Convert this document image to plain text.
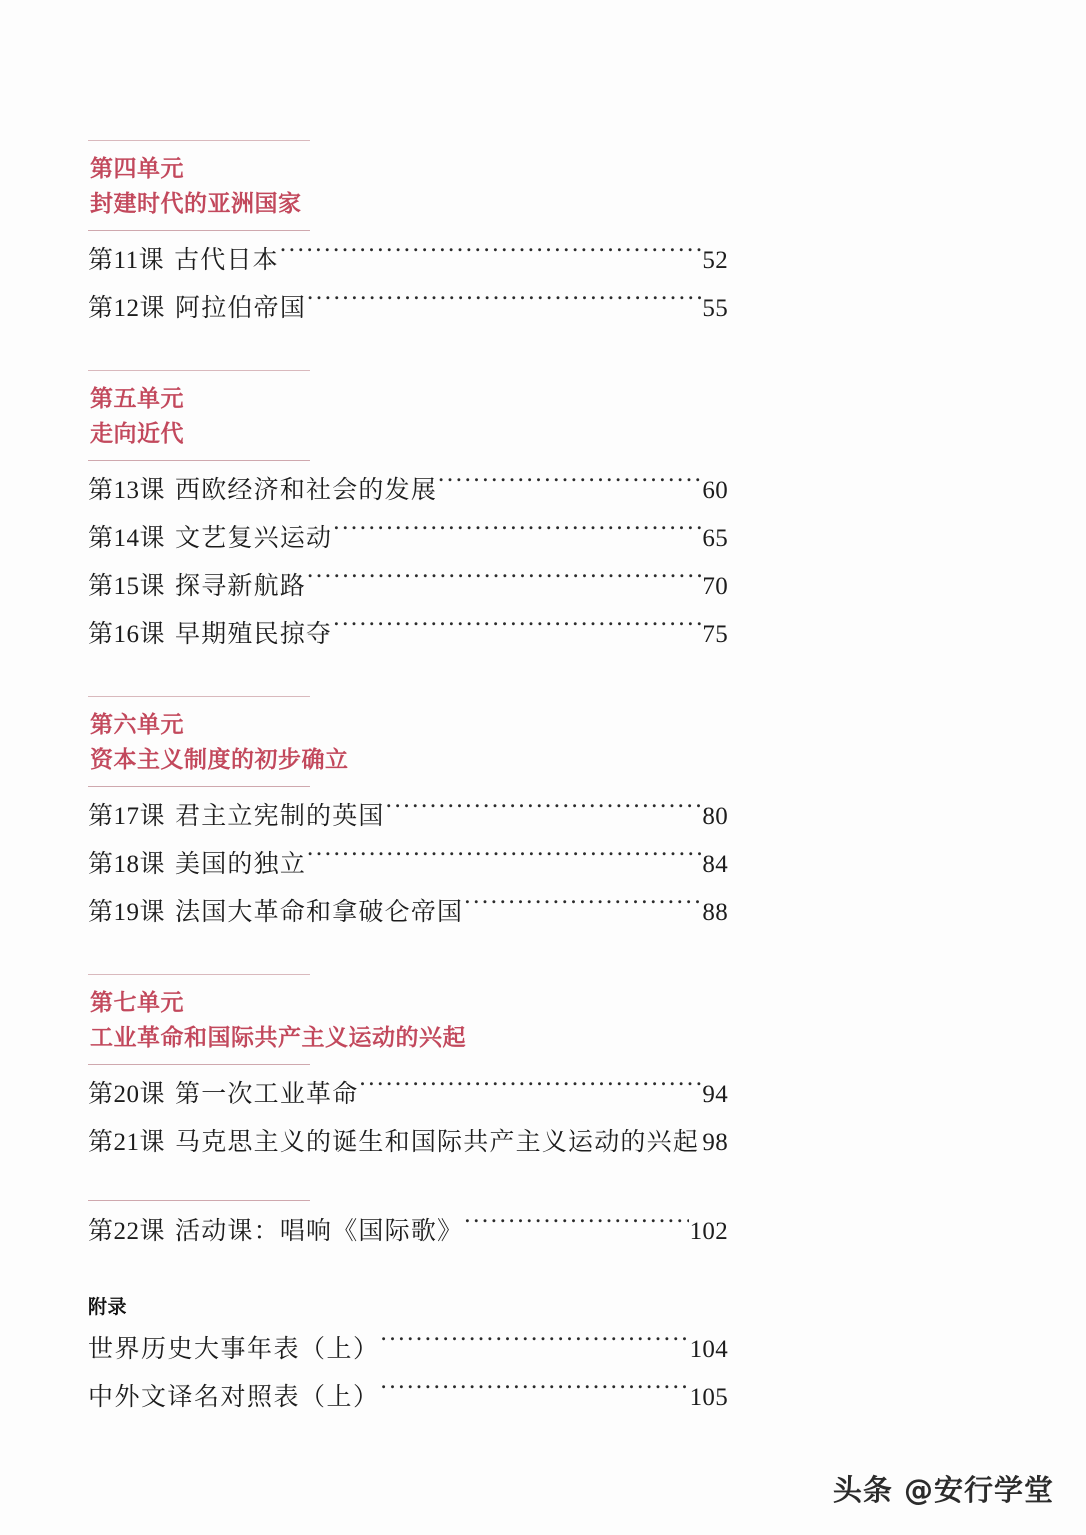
第四单元
封建时代的亚洲国家
第11课 古代日本 .....	52
第12课 阿拉伯帝国 .....	55
第五单元
走向近代
第13课 西欧经济和社会的发展 .....	60
第14课 文艺复兴运动 .....	65
第15课 探寻新航路 .....	70
第16课 早期殖民掠夺 .....	75
第六单元
资本主义制度的初步确立
第17课 君主立宪制的英国 .....	80
第18课 美国的独立 .....	84
第19课 法国大革命和拿破仑帝国 .....	88
第七单元
工业革命和国际共产主义运动的兴起
第20课 第一次工业革命 .....	94
第21课 马克思主义的诞生和国际共产主义运动的兴起 ..... 98
第22课 活动课：唱响《国际歌》 .....	102
附录
世界历史大事年表（上） .....	104
中外文译名对照表（上） .....	105
头条 @安行学堂
